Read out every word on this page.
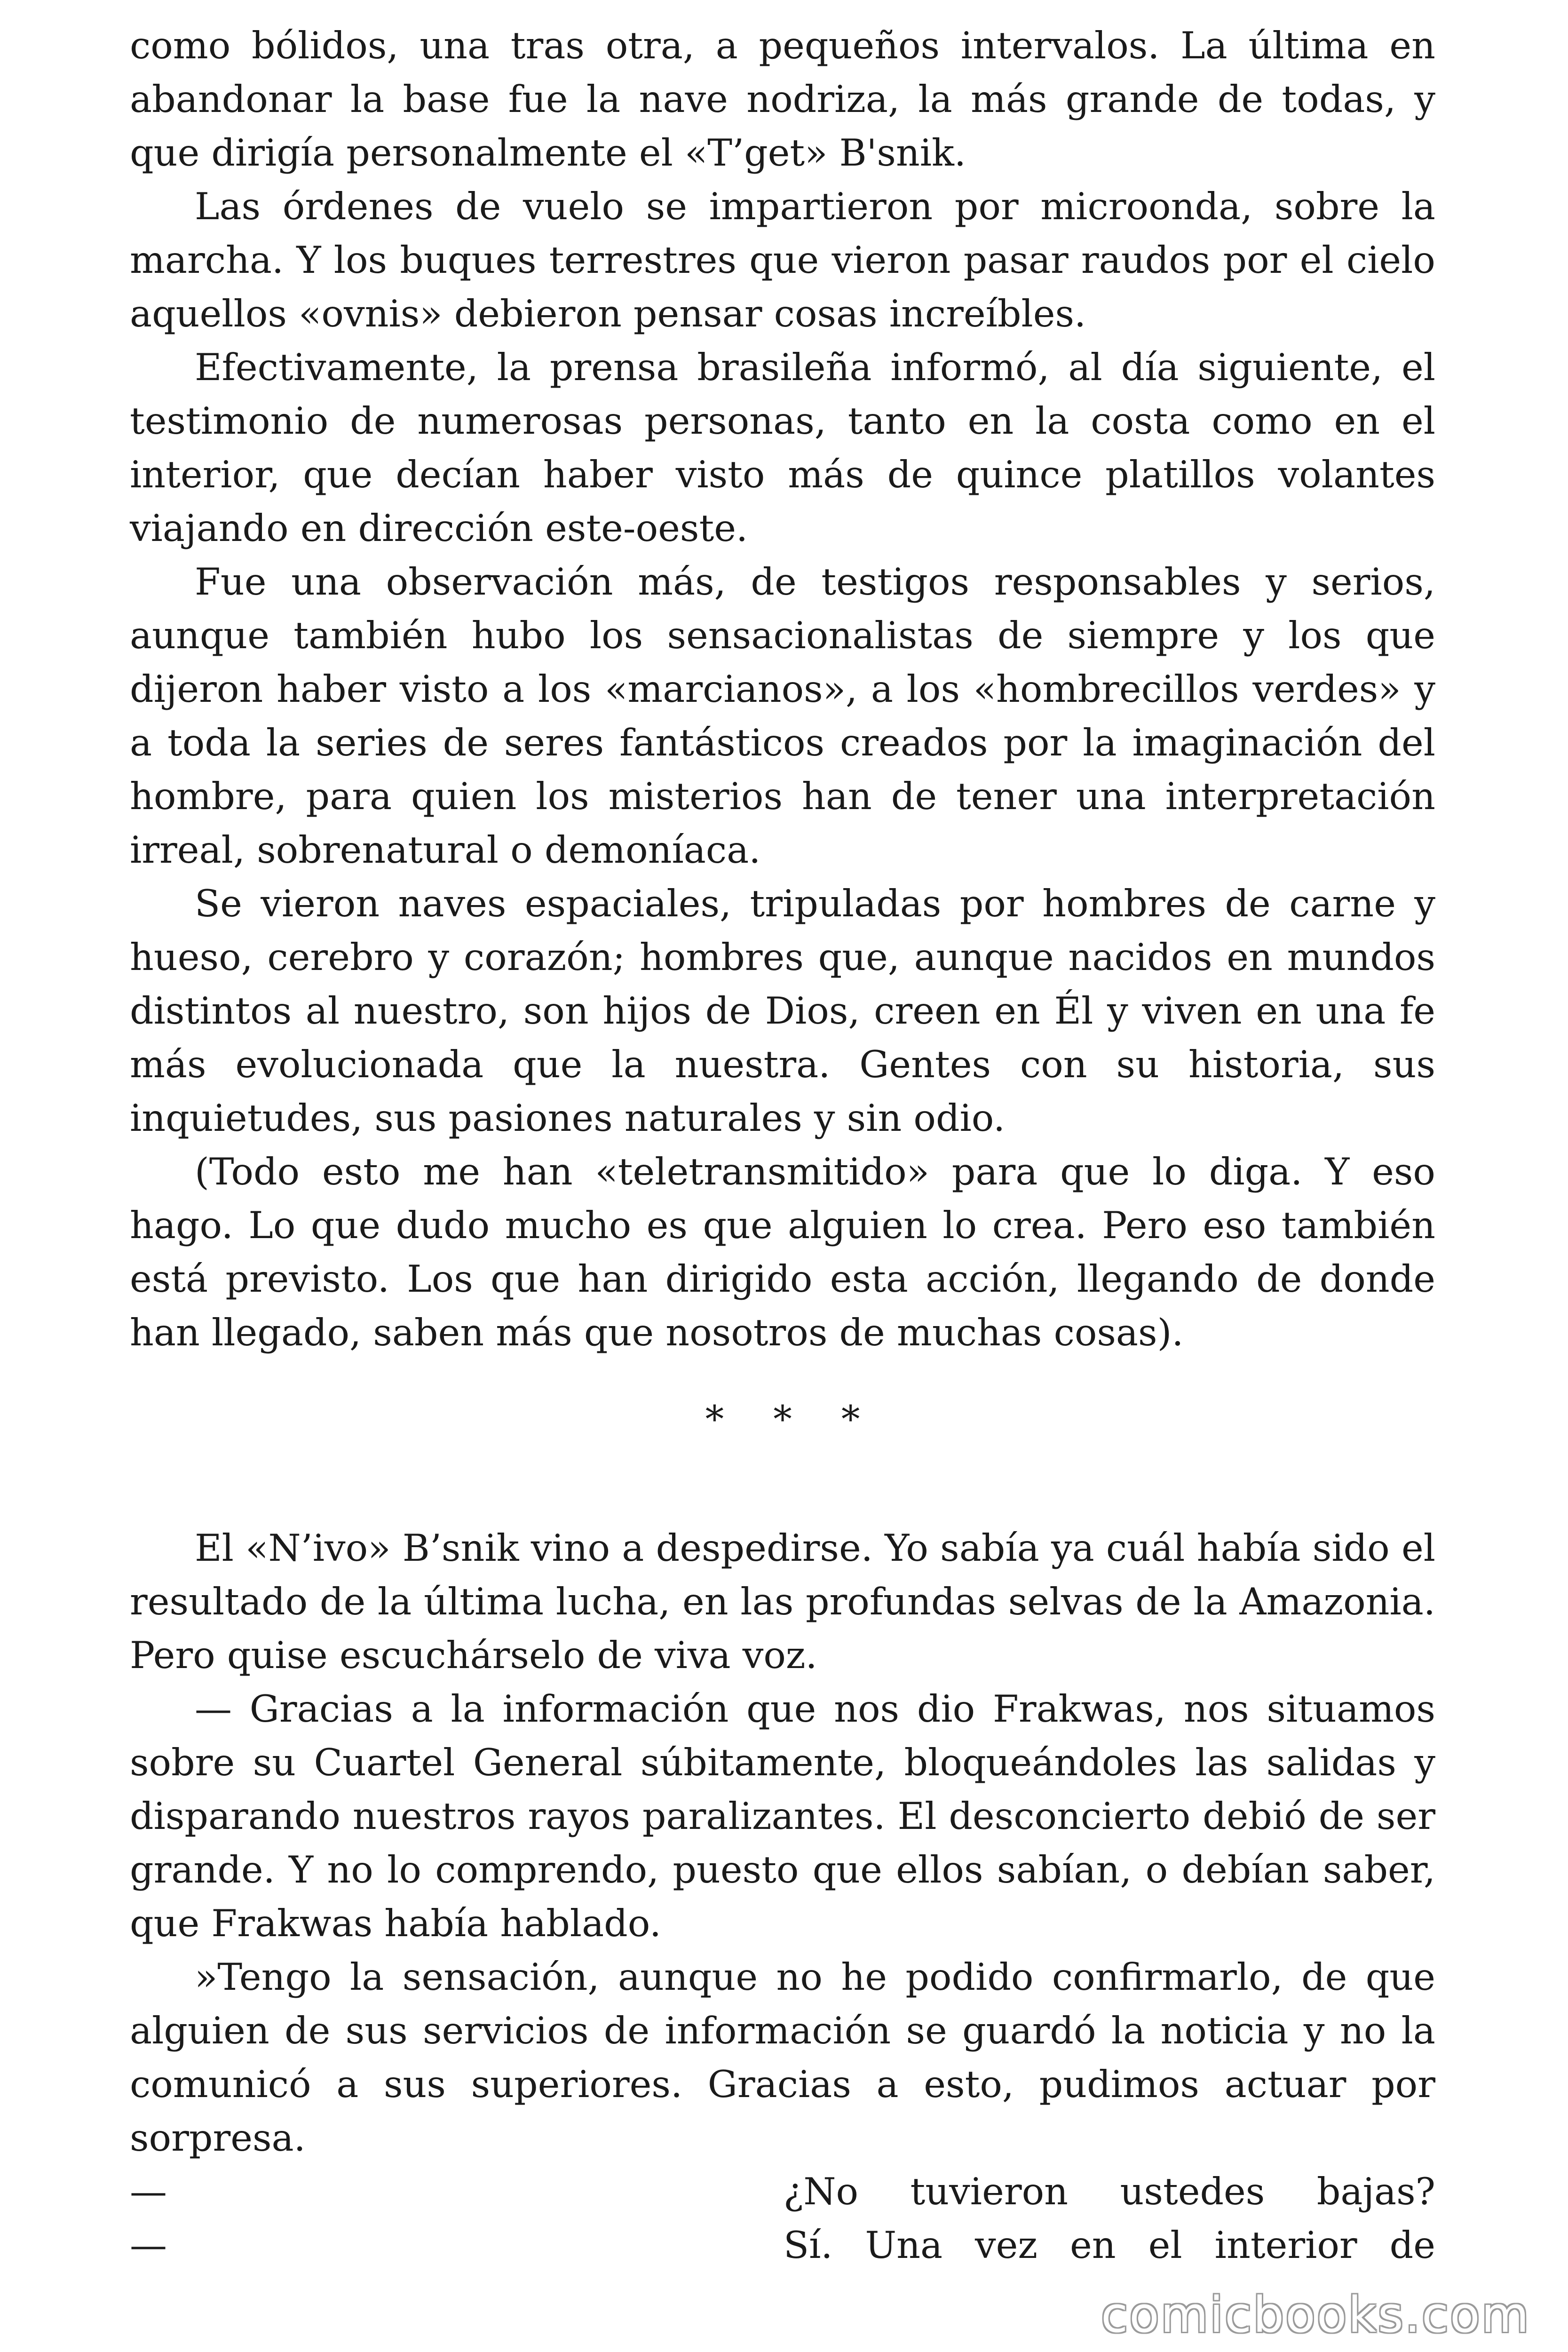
como bólidos, una tras otra, a pequeños intervalos. La última en abandonar la base fue la nave nodriza, la más grande de todas, y que dirigía personalmente el «T’get» B'snik.

Las órdenes de vuelo se impartieron por microonda, sobre la marcha. Y los buques terrestres que vieron pasar raudos por el cielo aquellos «ovnis» debieron pensar cosas increíbles.

Efectivamente, la prensa brasileña informó, al día siguiente, el testimonio de numerosas personas, tanto en la costa como en el interior, que decían haber visto más de quince platillos volantes viajando en dirección este-oeste.

Fue una observación más, de testigos responsables y serios, aunque también hubo los sensacionalistas de siempre y los que dijeron haber visto a los «marcianos», a los «hombrecillos verdes» y a toda la series de seres fantásticos creados por la imaginación del hombre, para quien los misterios han de tener una interpretación irreal, sobrenatural o demoníaca.

Se vieron naves espaciales, tripuladas por hombres de carne y hueso, cerebro y corazón; hombres que, aunque nacidos en mundos distintos al nuestro, son hijos de Dios, creen en Él y viven en una fe más evolucionada que la nuestra. Gentes con su historia, sus inquietudes, sus pasiones naturales y sin odio.

(Todo esto me han «teletransmitido» para que lo diga. Y eso hago. Lo que dudo mucho es que alguien lo crea. Pero eso también está previsto. Los que han dirigido esta acción, llegando de donde han llegado, saben más que nosotros de muchas cosas).

* * *

El «N’ivo» B’snik vino a despedirse. Yo sabía ya cuál había sido el resultado de la última lucha, en las profundas selvas de la Amazonia. Pero quise escuchárselo de viva voz.

— Gracias a la información que nos dio Frakwas, nos situamos sobre su Cuartel General súbitamente, bloqueándoles las salidas y disparando nuestros rayos paralizantes. El desconcierto debió de ser grande. Y no lo comprendo, puesto que ellos sabían, o debían saber, que Frakwas había hablado.

»Tengo la sensación, aunque no he podido confirmarlo, de que alguien de sus servicios de información se guardó la noticia y no la comunicó a sus superiores. Gracias a esto, pudimos actuar por sorpresa.

—	¿No tuvieron ustedes bajas?
—	Sí. Una vez en el interior de
comicbooks.com
